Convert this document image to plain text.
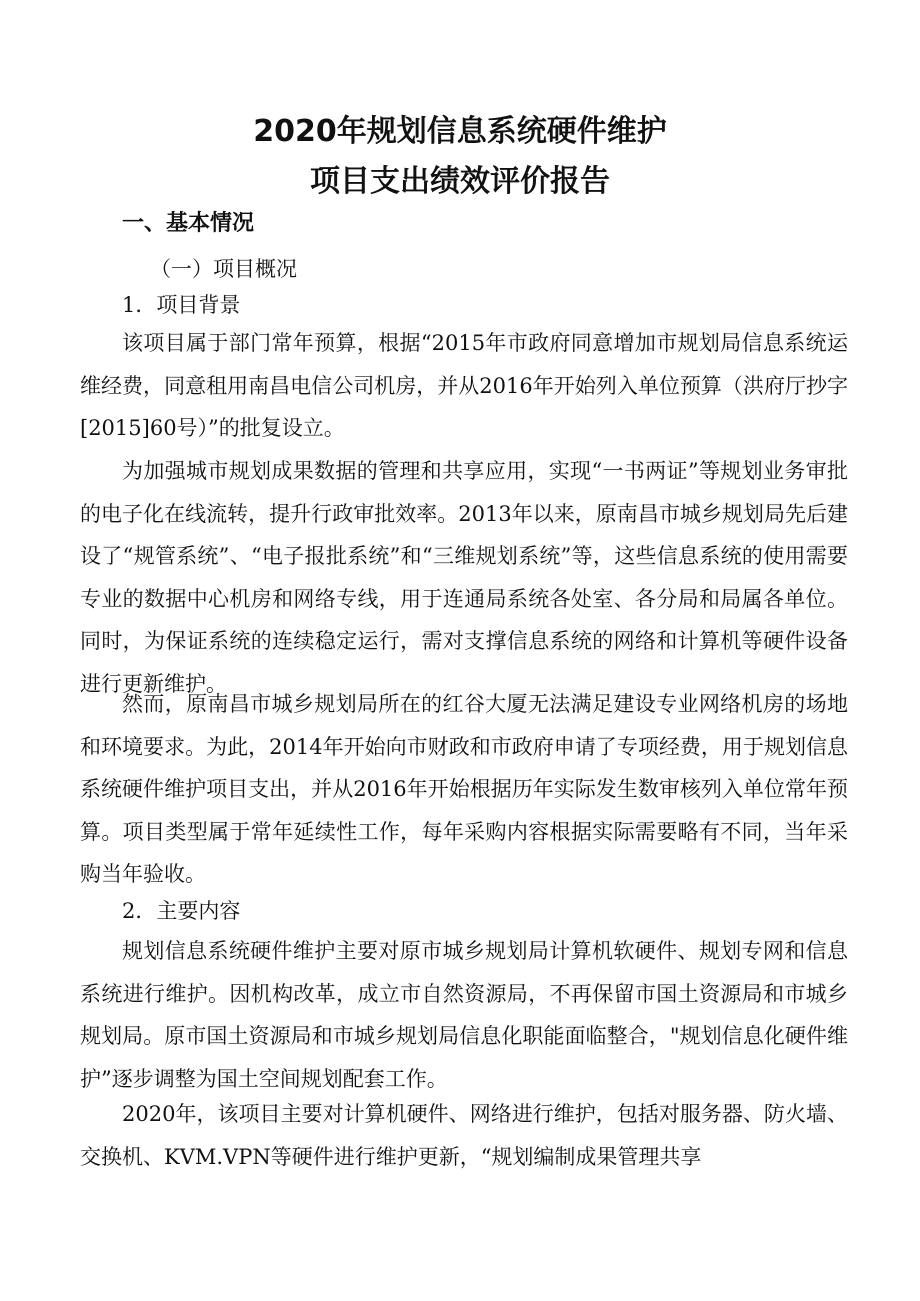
2020年规划信息系统硬件维护
项目支出绩效评价报告
一、基本情况
（一）项目概况
1．项目背景

该项目属于部门常年预算，根据“2015年市政府同意增加市规划局信息系统运维经费，同意租用南昌电信公司机房，并从2016年开始列入单位预算（洪府厅抄字[2015]60号）”的批复设立。

为加强城市规划成果数据的管理和共享应用，实现“一书两证”等规划业务审批的电子化在线流转，提升行政审批效率。2013年以来，原南昌市城乡规划局先后建设了“规管系统”、“电子报批系统”和“三维规划系统”等，这些信息系统的使用需要专业的数据中心机房和网络专线，用于连通局系统各处室、各分局和局属各单位。同时，为保证系统的连续稳定运行，需对支撑信息系统的网络和计算机等硬件设备进行更新维护。

然而，原南昌市城乡规划局所在的红谷大厦无法满足建设专业网络机房的场地和环境要求。为此，2014年开始向市财政和市政府申请了专项经费，用于规划信息系统硬件维护项目支出，并从2016年开始根据历年实际发生数审核列入单位常年预算。项目类型属于常年延续性工作，每年采购内容根据实际需要略有不同，当年采购当年验收。

2．主要内容

规划信息系统硬件维护主要对原市城乡规划局计算机软硬件、规划专网和信息系统进行维护。因机构改革，成立市自然资源局，不再保留市国土资源局和市城乡规划局。原市国土资源局和市城乡规划局信息化职能面临整合，"规划信息化硬件维护”逐步调整为国土空间规划配套工作。

2020年，该项目主要对计算机硬件、网络进行维护，包括对服务器、防火墙、交换机、KVM.VPN等硬件进行维护更新，“规划编制成果管理共享
